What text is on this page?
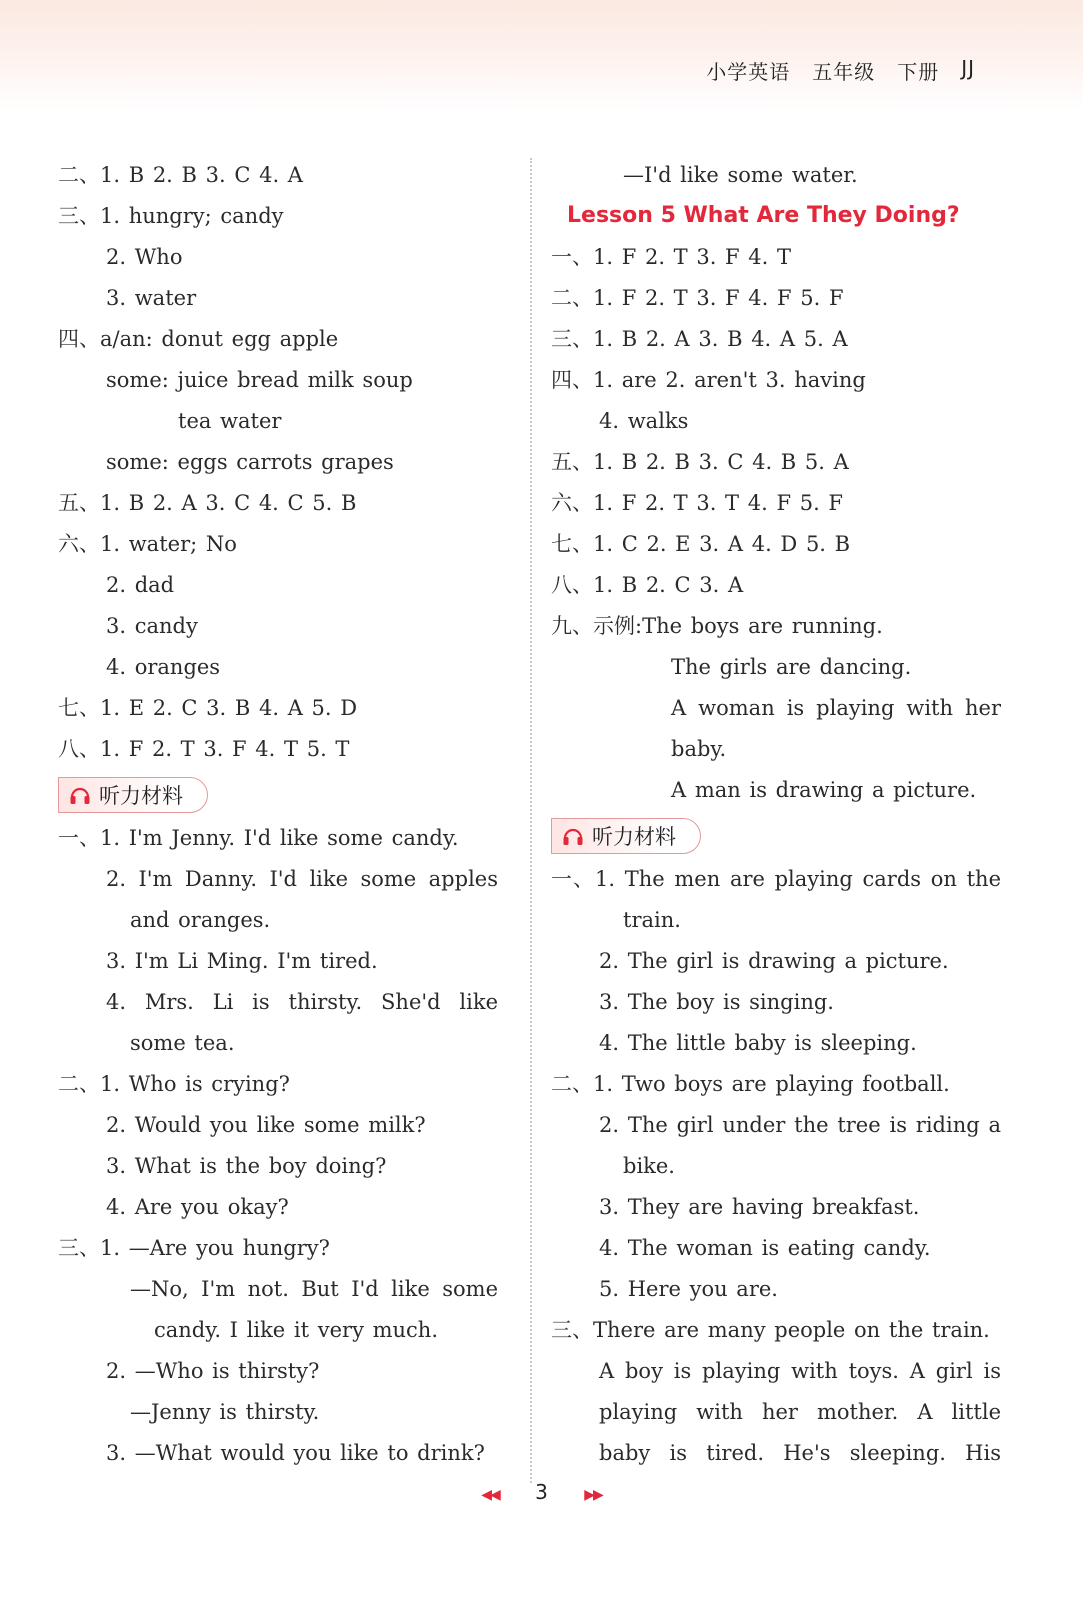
小学英语 五年级 下册 JJ
二、1. B 2. B 3. C 4. A
三、1. hungry; candy
2. Who
3. water
四、a/an: donut egg apple
some: juice bread milk soup
tea water
some: eggs carrots grapes
五、1. B 2. A 3. C 4. C 5. B
六、1. water; No
2. dad
3. candy
4. oranges
七、1. E 2. C 3. B 4. A 5. D
八、1. F 2. T 3. F 4. T 5. T
听力材料
一、1. I'm Jenny. I'd like some candy.
2. I'm Danny. I'd like some apples
and oranges.
3. I'm Li Ming. I'm tired.
4. Mrs. Li is thirsty. She'd like
some tea.
二、1. Who is crying?
2. Would you like some milk?
3. What is the boy doing?
4. Are you okay?
三、1. —Are you hungry?
—No, I'm not. But I'd like some
candy. I like it very much.
2. —Who is thirsty?
—Jenny is thirsty.
3. —What would you like to drink?
—I'd like some water.
Lesson 5 What Are They Doing?
一、1. F 2. T 3. F 4. T
二、1. F 2. T 3. F 4. F 5. F
三、1. B 2. A 3. B 4. A 5. A
四、1. are 2. aren't 3. having
4. walks
五、1. B 2. B 3. C 4. B 5. A
六、1. F 2. T 3. T 4. F 5. F
七、1. C 2. E 3. A 4. D 5. B
八、1. B 2. C 3. A
九、示例:The boys are running.
The girls are dancing.
A woman is playing with her
baby.
A man is drawing a picture.
听力材料
一、1. The men are playing cards on the
train.
2. The girl is drawing a picture.
3. The boy is singing.
4. The little baby is sleeping.
二、1. Two boys are playing football.
2. The girl under the tree is riding a
bike.
3. They are having breakfast.
4. The woman is eating candy.
5. Here you are.
三、There are many people on the train.
A boy is playing with toys. A girl is
playing with her mother. A little
baby is tired. He's sleeping. His
◀◀ 3	▶▶
